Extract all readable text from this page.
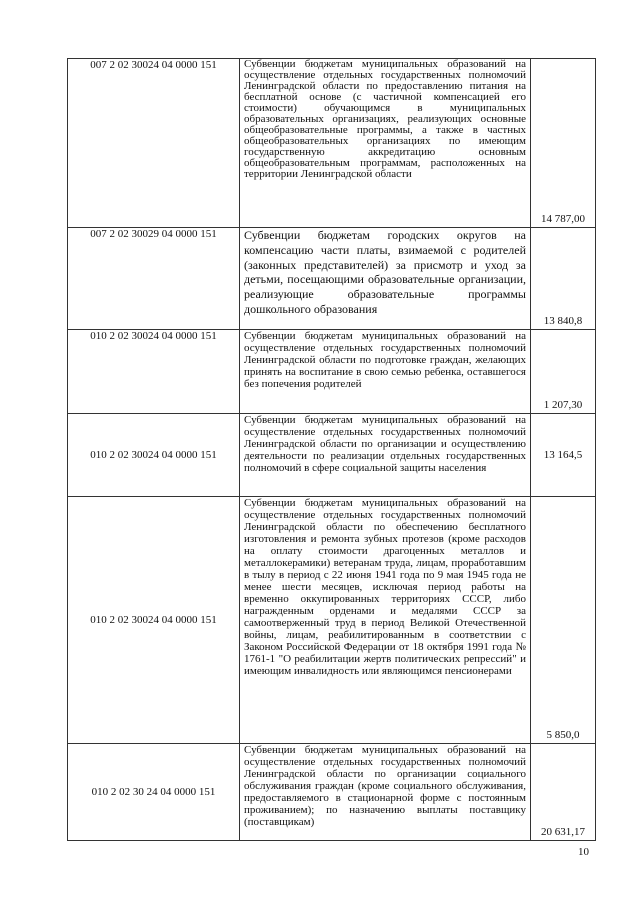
007 2 02 30024 04 0000 151	Субвенции бюджетам муниципальных образований на осуществление отдельных государственных полномочий Ленинградской области по предоставлению питания на бесплатной основе (с частичной компенсацией его стоимости) обучающимся в муниципальных образовательных организациях, реализующих основные общеобразовательные программы, а также в частных общеобразовательных организациях по имеющим государственную аккредитацию основным общеобразовательным программам, расположенных на территории Ленинградской области	14 787,00
007 2 02 30029 04 0000 151	Субвенции бюджетам городских округов на компенсацию части платы, взимаемой с родителей (законных представителей) за присмотр и уход за детьми, посещающими образовательные организации, реализующие образовательные программы дошкольного образования	13 840,8
010 2 02 30024 04 0000 151	Субвенции бюджетам муниципальных образований на осуществление отдельных государственных полномочий Ленинградской области по подготовке граждан, желающих принять на воспитание в свою семью ребенка, оставшегося без попечения родителей	1 207,30
010 2 02 30024 04 0000 151	Субвенции бюджетам муниципальных образований на осуществление отдельных государственных полномочий Ленинградской области по организации и осуществлению деятельности по реализации отдельных государственных полномочий в сфере социальной защиты населения	13 164,5
010 2 02 30024 04 0000 151	Субвенции бюджетам муниципальных образований на осуществление отдельных государственных полномочий Ленинградской области по обеспечению бесплатного изготовления и ремонта зубных протезов (кроме расходов на оплату стоимости драгоценных металлов и металлокерамики) ветеранам труда, лицам, проработавшим в тылу в период с 22 июня 1941 года по 9 мая 1945 года не менее шести месяцев, исключая период работы на временно оккупированных территориях СССР, либо награжденным орденами и медалями СССР за самоотверженный труд в период Великой Отечественной войны, лицам, реабилитированным в соответствии с Законом Российской Федерации от 18 октября 1991 года № 1761-1 "О реабилитации жертв политических репрессий" и имеющим инвалидность или являющимся пенсионерами	5 850,0
010 2 02 30 24 04 0000 151	Субвенции бюджетам муниципальных образований на осуществление отдельных государственных полномочий Ленинградской области по организации социального обслуживания граждан (кроме социального обслуживания, предоставляемого в стационарной форме с постоянным проживанием); по назначению выплаты поставщику (поставщикам)	20 631,17
10
